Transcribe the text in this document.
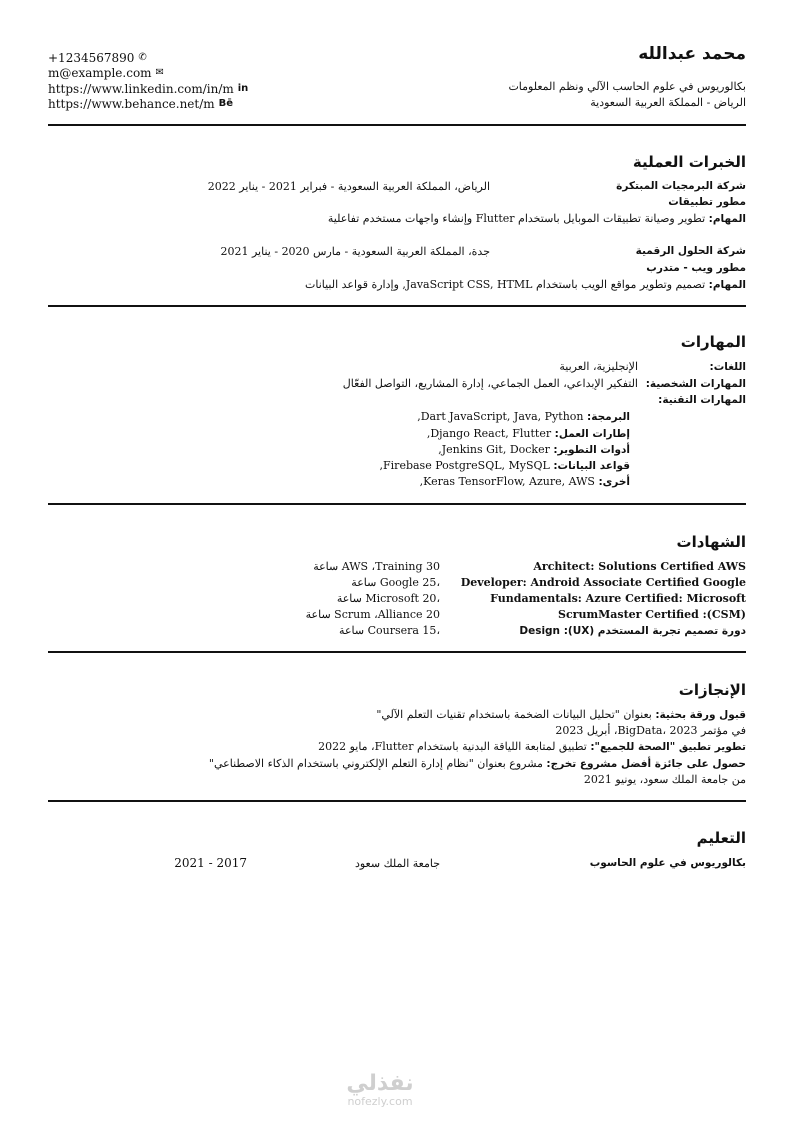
محمد عبدالله
بكالوريوس في علوم الحاسب الآلي ونظم المعلومات
الرياض - المملكة العربية السعودية
+1234567890 ✆
m@example.com ✉
https://www.linkedin.com/in/m in
https://www.behance.net/m Bē
الخبرات العملية
شركة البرمجيات المبتكرة
الرياض، المملكة العربية السعودية - فبراير 2021 - يناير 2022
مطور تطبيقات
المهام: تطوير وصيانة تطبيقات الموبايل باستخدام Flutter وإنشاء واجهات مستخدم تفاعلية
شركة الحلول الرقمية
جدة، المملكة العربية السعودية - مارس 2020 - يناير 2021
مطور ويب - متدرب
المهام: تصميم وتطوير مواقع الويب باستخدام JavaScript CSS, HTML, وإدارة قواعد البيانات
المهارات
اللغات:
الإنجليزية، العربية
المهارات الشخصية:
التفكير الإبداعي، العمل الجماعي، إدارة المشاريع، التواصل الفعّال
المهارات التقنية:
البرمجة: Dart JavaScript, Java, Python,
إطارات العمل: Django React, Flutter,
أدوات التطوير: Jenkins Git, Docker,
قواعد البيانات: Firebase PostgreSQL, MySQL,
أخرى: Keras TensorFlow, Azure, AWS,
الشهادات
Architect: Solutions Certified AWS
AWS ،Training 30 ساعة
Developer: Android Associate Certified Google
،Google 25 ساعة
Fundamentals: Azure Certified: Microsoft
،Microsoft 20 ساعة
(CSM): ScrumMaster Certified
Scrum ،Alliance 20 ساعة
دورة تصميم تجربة المستخدم (UX): Design
،Coursera 15 ساعة
الإنجازات
قبول ورقة بحثية: بعنوان "تحليل البيانات الضخمة باستخدام تقنيات التعلم الآلي"
في مؤتمر BigData، 2023، أبريل 2023
تطوير تطبيق "الصحة للجميع": تطبيق لمتابعة اللياقة البدنية باستخدام Flutter، مايو 2022
حصول على جائزة أفضل مشروع تخرج: مشروع بعنوان "نظام إدارة التعلم الإلكتروني باستخدام الذكاء الاصطناعي"
من جامعة الملك سعود، يونيو 2021
التعليم
بكالوريوس في علوم الحاسوب
جامعة الملك سعود
2017 - 2021
نفذلي
nofezly.com
